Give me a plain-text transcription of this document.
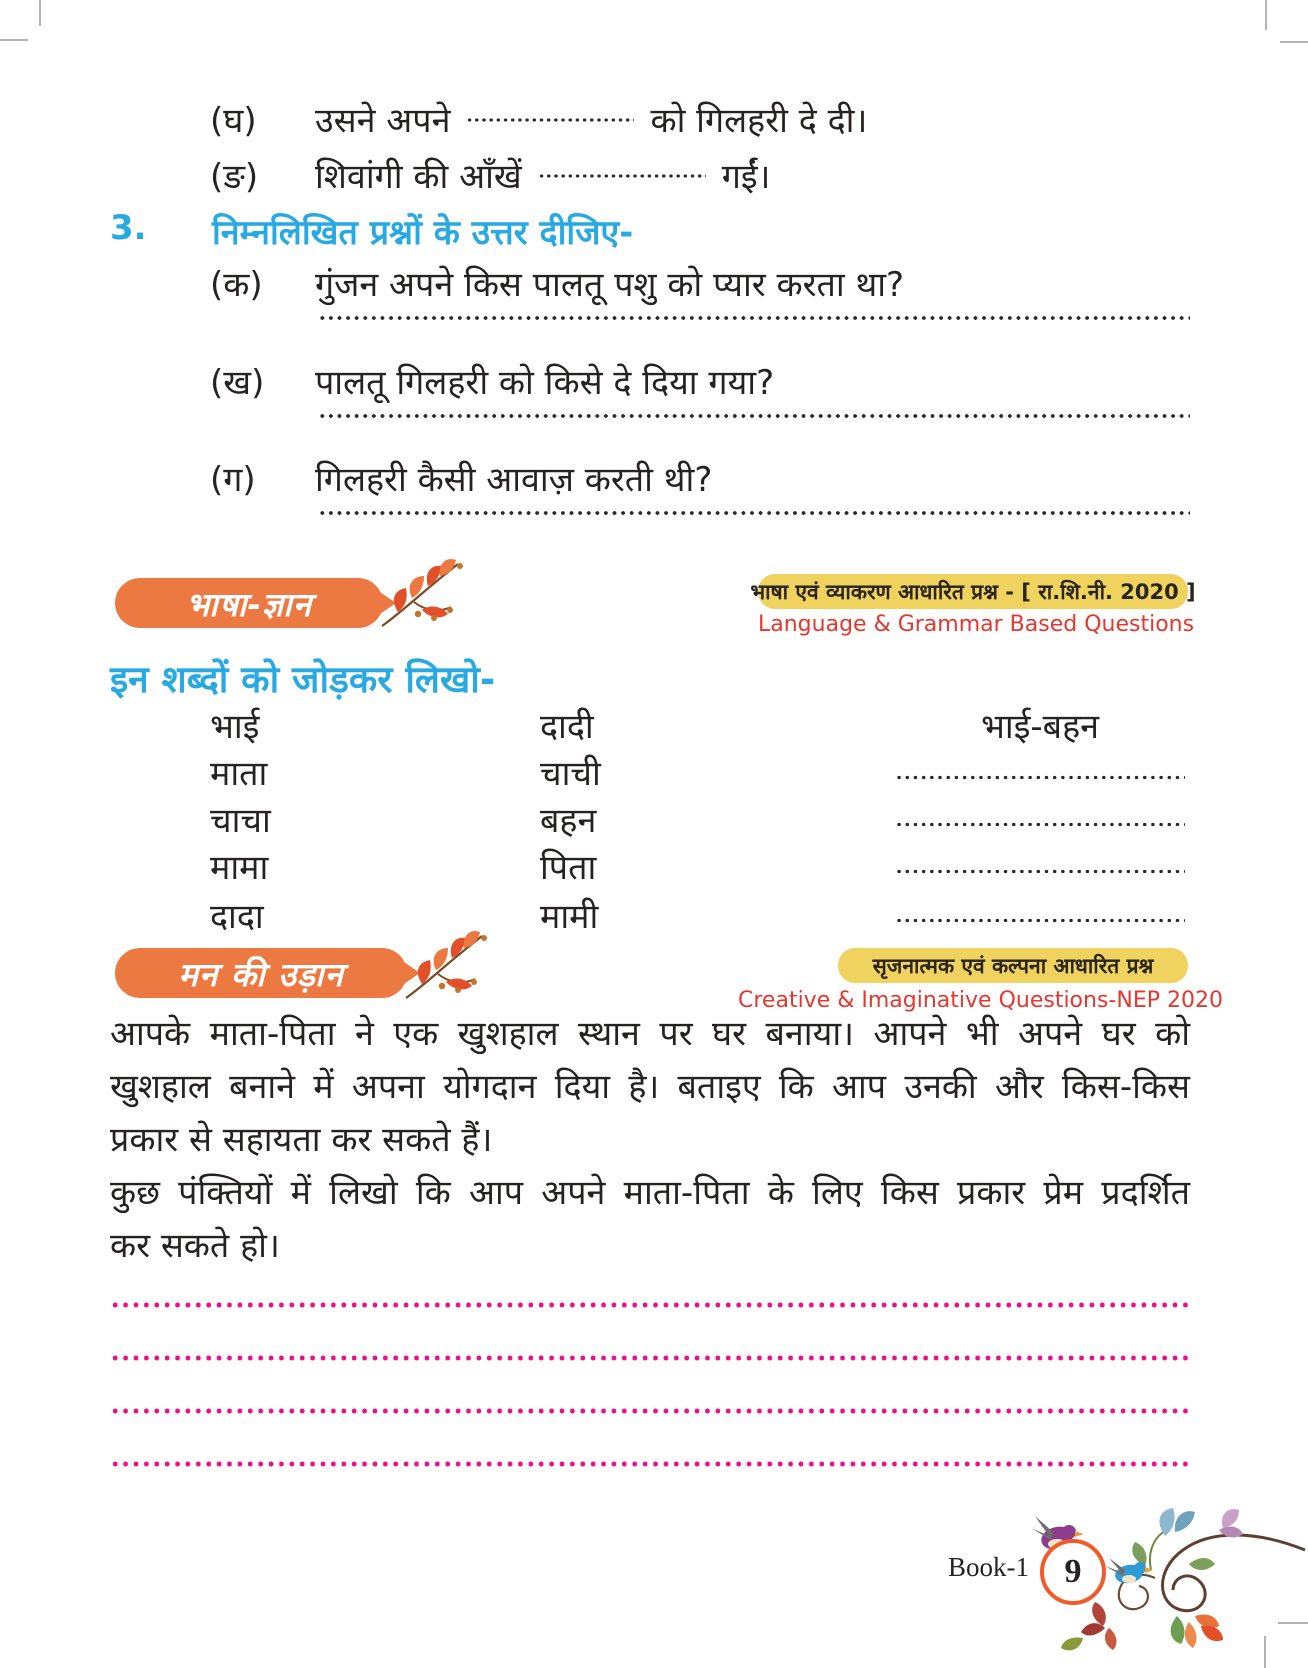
(घ) उसने अपने	को गिलहरी दे दी।
(ङ) शिवांगी की आँखें	गईं।
3. निम्नलिखित प्रश्नों के उत्तर दीजिए-
(क) गुंजन अपने किस पालतू पशु को प्यार करता था?
(ख) पालतू गिलहरी को किसे दे दिया गया?
(ग) गिलहरी कैसी आवाज़ करती थी?
भाषा-ज्ञान	भाषा एवं व्याकरण आधारित प्रश्न - [ रा.शि.नी. 2020 ]
Language & Grammar Based Questions
इन शब्दों को जोड़कर लिखो-
भाई	दादी	भाई-बहन
माता	चाची
चाचा	बहन
मामा	पिता
दादा	मामी
मन की उड़ान	सृजनात्मक एवं कल्पना आधारित प्रश्न
Creative & Imaginative Questions-NEP 2020
आपके माता-पिता ने एक खुशहाल स्थान पर घर बनाया। आपने भी अपने घर को
खुशहाल बनाने में अपना योगदान दिया है। बताइए कि आप उनकी और किस-किस
प्रकार से सहायता कर सकते हैं।
कुछ पंक्तियों में लिखो कि आप अपने माता-पिता के लिए किस प्रकार प्रेम प्रदर्शित
कर सकते हो।
Book-1 9
